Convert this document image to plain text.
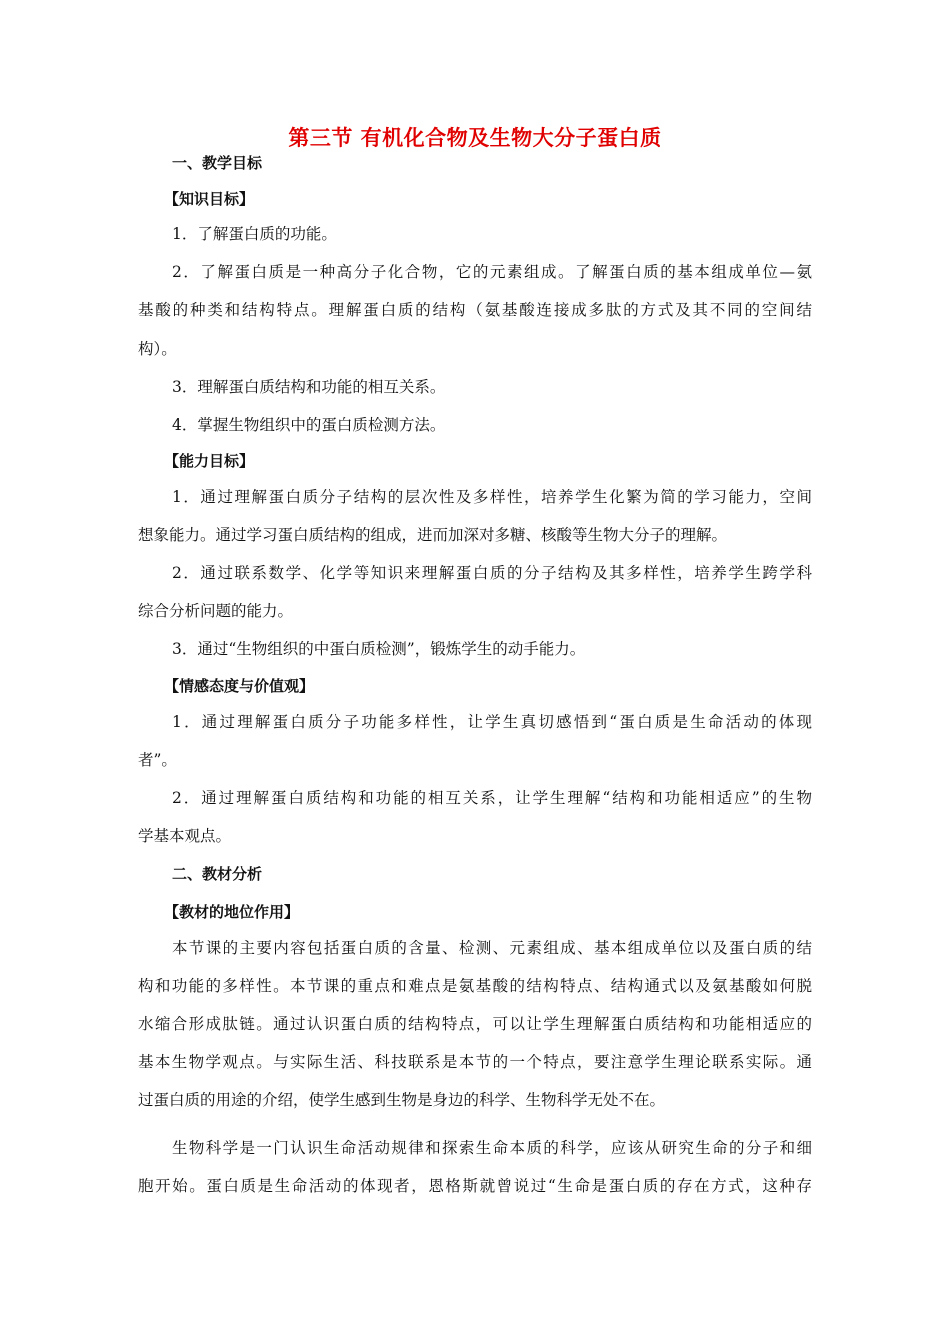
第三节 有机化合物及生物大分子蛋白质
一、教学目标
【知识目标】
1．了解蛋白质的功能。
2．了解蛋白质是一种高分子化合物，它的元素组成。了解蛋白质的基本组成单位—氨
基酸的种类和结构特点。理解蛋白质的结构（氨基酸连接成多肽的方式及其不同的空间结
构）。
3．理解蛋白质结构和功能的相互关系。
4．掌握生物组织中的蛋白质检测方法。
【能力目标】
1．通过理解蛋白质分子结构的层次性及多样性，培养学生化繁为简的学习能力，空间
想象能力。通过学习蛋白质结构的组成，进而加深对多糖、核酸等生物大分子的理解。
2．通过联系数学、化学等知识来理解蛋白质的分子结构及其多样性，培养学生跨学科
综合分析问题的能力。
3．通过“生物组织的中蛋白质检测”，锻炼学生的动手能力。
【情感态度与价值观】
1．通过理解蛋白质分子功能多样性，让学生真切感悟到“蛋白质是生命活动的体现
者”。
2．通过理解蛋白质结构和功能的相互关系，让学生理解“结构和功能相适应”的生物
学基本观点。
二、教材分析
【教材的地位作用】
本节课的主要内容包括蛋白质的含量、检测、元素组成、基本组成单位以及蛋白质的结
构和功能的多样性。本节课的重点和难点是氨基酸的结构特点、结构通式以及氨基酸如何脱
水缩合形成肽链。通过认识蛋白质的结构特点，可以让学生理解蛋白质结构和功能相适应的
基本生物学观点。与实际生活、科技联系是本节的一个特点，要注意学生理论联系实际。通
过蛋白质的用途的介绍，使学生感到生物是身边的科学、生物科学无处不在。
生物科学是一门认识生命活动规律和探索生命本质的科学，应该从研究生命的分子和细
胞开始。蛋白质是生命活动的体现者，恩格斯就曾说过“生命是蛋白质的存在方式，这种存
